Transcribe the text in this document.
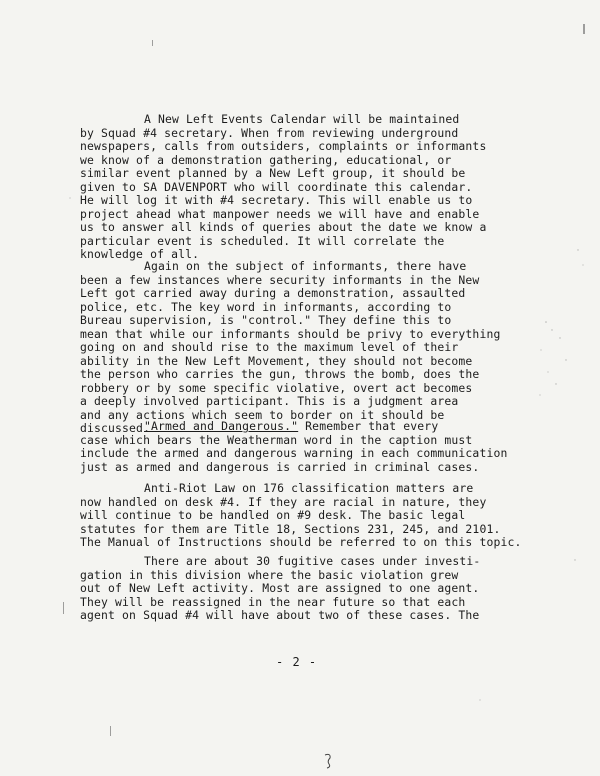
A New Left Events Calendar will be maintained
by Squad #4 secretary. When from reviewing underground
newspapers, calls from outsiders, complaints or informants
we know of a demonstration gathering, educational, or
similar event planned by a New Left group, it should be
given to SA DAVENPORT who will coordinate this calendar.
He will log it with #4 secretary. This will enable us to
project ahead what manpower needs we will have and enable
us to answer all kinds of queries about the date we know a
particular event is scheduled. It will correlate the
knowledge of all.

Again on the subject of informants, there have
been a few instances where security informants in the New
Left got carried away during a demonstration, assaulted
police, etc. The key word in informants, according to
Bureau supervision, is "control." They define this to
mean that while our informants should be privy to everything
going on and should rise to the maximum level of their
ability in the New Left Movement, they should not become
the person who carries the gun, throws the bomb, does the
robbery or by some specific violative, overt act becomes
a deeply involved participant. This is a judgment area
and any actions which seem to border on it should be
discussed.

"Armed and Dangerous." Remember that every
case which bears the Weatherman word in the caption must
include the armed and dangerous warning in each communication
just as armed and dangerous is carried in criminal cases.

Anti-Riot Law on 176 classification matters are
now handled on desk #4. If they are racial in nature, they
will continue to be handled on #9 desk. The basic legal
statutes for them are Title 18, Sections 231, 245, and 2101.
The Manual of Instructions should be referred to on this topic.

There are about 30 fugitive cases under investi-
gation in this division where the basic violation grew
out of New Left activity. Most are assigned to one agent.
They will be reassigned in the near future so that each
agent on Squad #4 will have about two of these cases. The

- 2 -
